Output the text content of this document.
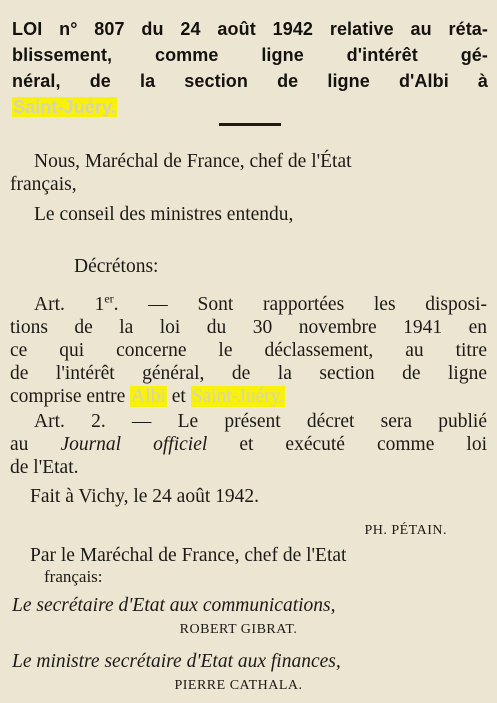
LOI n° 807 du 24 août 1942 relative au réta-
blissement, comme ligne d'intérêt gé-
néral, de la section de ligne d'Albi à
Saint-Juéry.
Nous, Maréchal de France, chef de l'État
français,
Le conseil des ministres entendu,
Décrétons:
Art. 1er. — Sont rapportées les disposi-
tions de la loi du 30 novembre 1941 en
ce qui concerne le déclassement, au titre
de l'intérêt général, de la section de ligne
comprise entre Albi et Saint-Juéry.
Art. 2. — Le présent décret sera publié
au Journal officiel et exécuté comme loi
de l'Etat.
Fait à Vichy, le 24 août 1942.
PH. PÉTAIN.
Par le Maréchal de France, chef de l'Etat
français:
Le secrétaire d'Etat aux communications,
ROBERT GIBRAT.
Le ministre secrétaire d'Etat aux finances,
PIERRE CATHALA.
